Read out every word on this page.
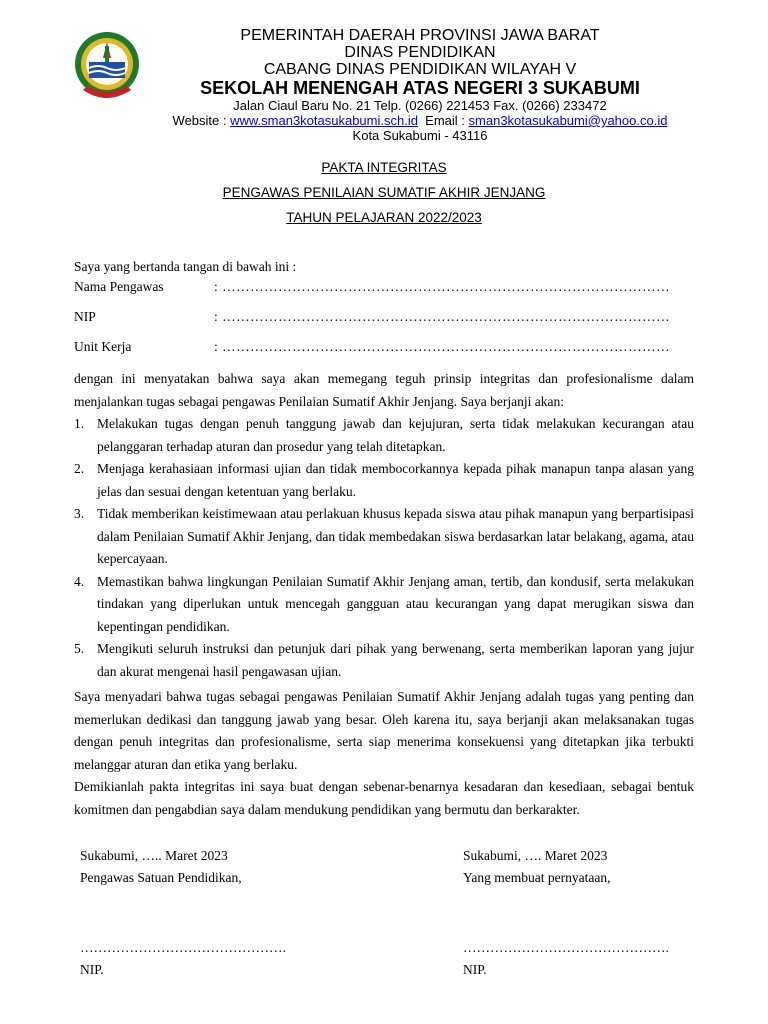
PEMERINTAH DAERAH PROVINSI JAWA BARAT
DINAS PENDIDIKAN
CABANG DINAS PENDIDIKAN WILAYAH V
SEKOLAH MENENGAH ATAS NEGERI 3 SUKABUMI
Jalan Ciaul Baru No. 21 Telp. (0266) 221453 Fax. (0266) 233472
Website : www.sman3kotasukabumi.sch.id  Email : sman3kotasukabumi@yahoo.co.id
Kota Sukabumi - 43116
PAKTA INTEGRITAS
PENGAWAS PENILAIAN SUMATIF AKHIR JENJANG
TAHUN PELAJARAN 2022/2023
Saya yang bertanda tangan di bawah ini :
Nama Pengawas	: ……………………………………………………………………………………
NIP	: ……………………………………………………………………………………
Unit Kerja	: ……………………………………………………………………………………
dengan ini menyatakan bahwa saya akan memegang teguh prinsip integritas dan profesionalisme dalam menjalankan tugas sebagai pengawas Penilaian Sumatif Akhir Jenjang. Saya berjanji akan:
1. Melakukan tugas dengan penuh tanggung jawab dan kejujuran, serta tidak melakukan kecurangan atau pelanggaran terhadap aturan dan prosedur yang telah ditetapkan.
2. Menjaga kerahasiaan informasi ujian dan tidak membocorkannya kepada pihak manapun tanpa alasan yang jelas dan sesuai dengan ketentuan yang berlaku.
3. Tidak memberikan keistimewaan atau perlakuan khusus kepada siswa atau pihak manapun yang berpartisipasi dalam Penilaian Sumatif Akhir Jenjang, dan tidak membedakan siswa berdasarkan latar belakang, agama, atau kepercayaan.
4. Memastikan bahwa lingkungan Penilaian Sumatif Akhir Jenjang aman, tertib, dan kondusif, serta melakukan tindakan yang diperlukan untuk mencegah gangguan atau kecurangan yang dapat merugikan siswa dan kepentingan pendidikan.
5. Mengikuti seluruh instruksi dan petunjuk dari pihak yang berwenang, serta memberikan laporan yang jujur dan akurat mengenai hasil pengawasan ujian.
Saya menyadari bahwa tugas sebagai pengawas Penilaian Sumatif Akhir Jenjang adalah tugas yang penting dan memerlukan dedikasi dan tanggung jawab yang besar. Oleh karena itu, saya berjanji akan melaksanakan tugas dengan penuh integritas dan profesionalisme, serta siap menerima konsekuensi yang ditetapkan jika terbukti melanggar aturan dan etika yang berlaku.
Demikianlah pakta integritas ini saya buat dengan sebenar-benarnya kesadaran dan kesediaan, sebagai bentuk komitmen dan pengabdian saya dalam mendukung pendidikan yang bermutu dan berkarakter.
Sukabumi, ….. Maret 2023
Pengawas Satuan Pendidikan,
……………………………………….
NIP.
Sukabumi, …. Maret 2023
Yang membuat pernyataan,
……………………………………….
NIP.
